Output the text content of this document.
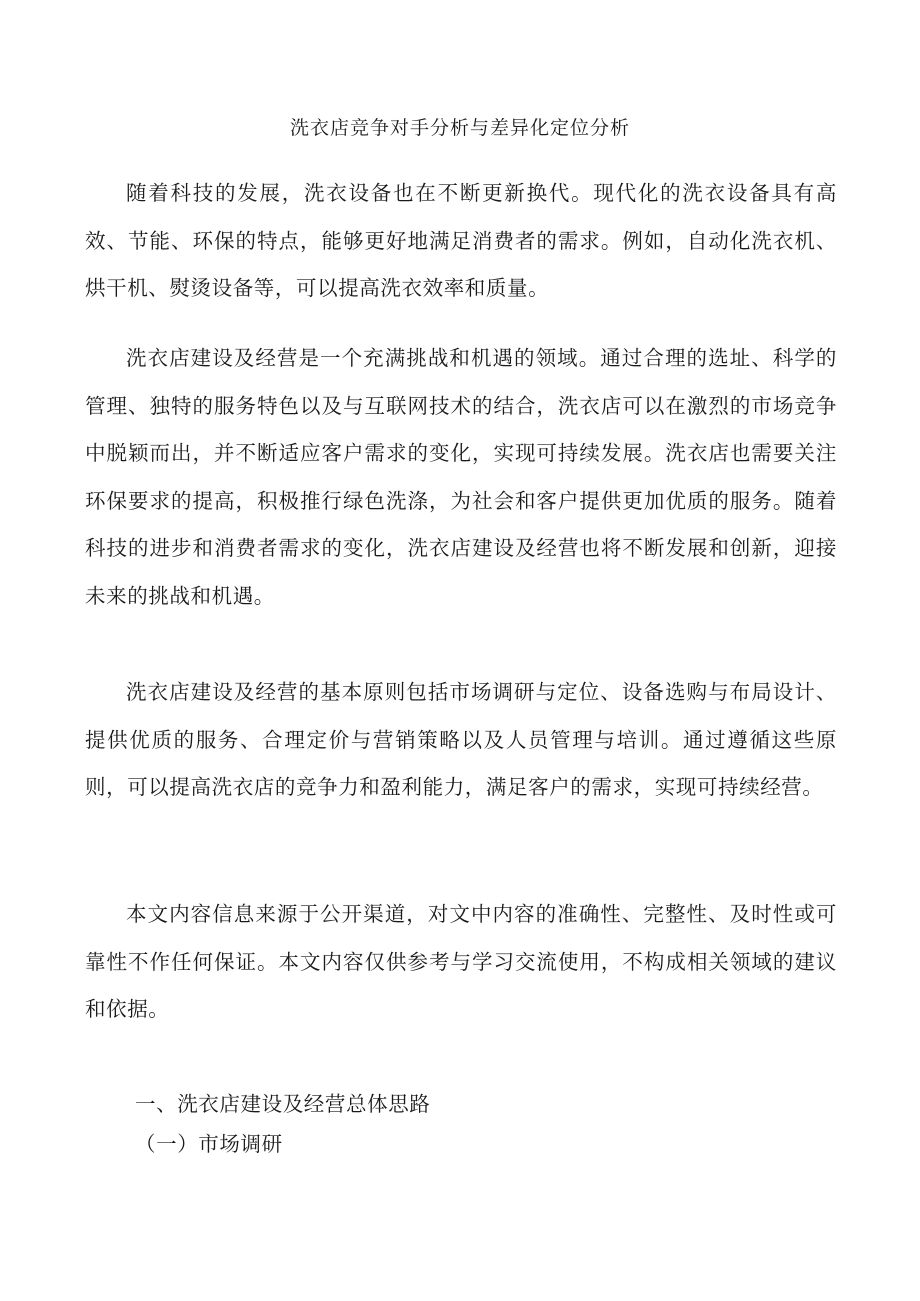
洗衣店竞争对手分析与差异化定位分析

随着科技的发展，洗衣设备也在不断更新换代。现代化的洗衣设备具有高效、节能、环保的特点，能够更好地满足消费者的需求。例如，自动化洗衣机、烘干机、熨烫设备等，可以提高洗衣效率和质量。

洗衣店建设及经营是一个充满挑战和机遇的领域。通过合理的选址、科学的管理、独特的服务特色以及与互联网技术的结合，洗衣店可以在激烈的市场竞争中脱颖而出，并不断适应客户需求的变化，实现可持续发展。洗衣店也需要关注环保要求的提高，积极推行绿色洗涤，为社会和客户提供更加优质的服务。随着科技的进步和消费者需求的变化，洗衣店建设及经营也将不断发展和创新，迎接未来的挑战和机遇。

洗衣店建设及经营的基本原则包括市场调研与定位、设备选购与布局设计、提供优质的服务、合理定价与营销策略以及人员管理与培训。通过遵循这些原则，可以提高洗衣店的竞争力和盈利能力，满足客户的需求，实现可持续经营。

本文内容信息来源于公开渠道，对文中内容的准确性、完整性、及时性或可靠性不作任何保证。本文内容仅供参考与学习交流使用，不构成相关领域的建议和依据。

一、洗衣店建设及经营总体思路
（一）市场调研
